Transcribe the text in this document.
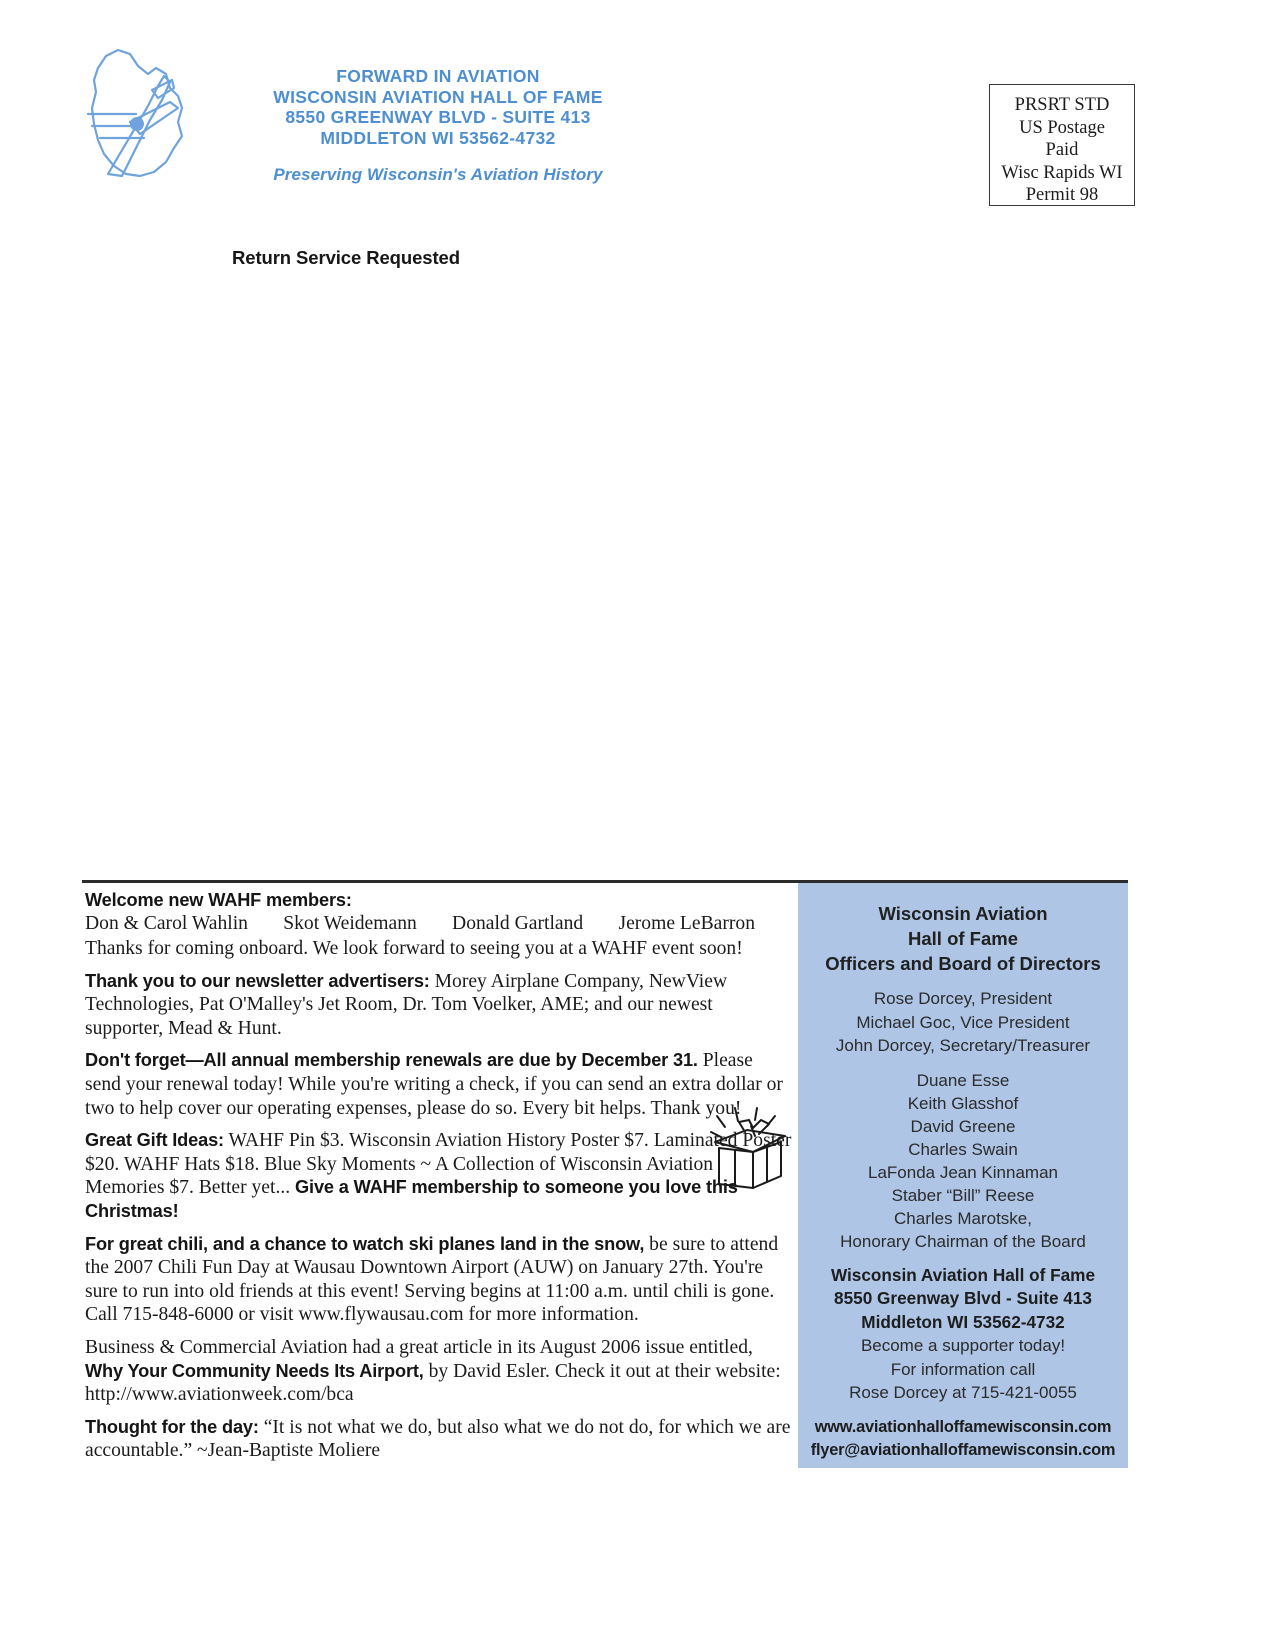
FORWARD IN AVIATION
WISCONSIN AVIATION HALL OF FAME
8550 GREENWAY BLVD - SUITE 413
MIDDLETON WI 53562-4732
Preserving Wisconsin's Aviation History
PRSRT STD
US Postage
Paid
Wisc Rapids WI
Permit 98
Return Service Requested
Welcome new WAHF members:
Don & Carol Wahlin Skot Weidemann Donald Gartland Jerome LeBarron

Thanks for coming onboard. We look forward to seeing you at a WAHF event soon!

Thank you to our newsletter advertisers: Morey Airplane Company, NewView Technologies, Pat O'Malley's Jet Room, Dr. Tom Voelker, AME; and our newest supporter, Mead & Hunt.

Don't forget—All annual membership renewals are due by December 31. Please send your renewal today! While you're writing a check, if you can send an extra dollar or two to help cover our operating expenses, please do so. Every bit helps. Thank you!

Great Gift Ideas: WAHF Pin $3. Wisconsin Aviation History Poster $7. Laminated Poster $20. WAHF Hats $18. Blue Sky Moments ~ A Collection of Wisconsin Aviation Memories $7. Better yet... Give a WAHF membership to someone you love this Christmas!

For great chili, and a chance to watch ski planes land in the snow, be sure to attend the 2007 Chili Fun Day at Wausau Downtown Airport (AUW) on January 27th. You're sure to run into old friends at this event! Serving begins at 11:00 a.m. until chili is gone. Call 715-848-6000 or visit www.flywausau.com for more information.

Business & Commercial Aviation had a great article in its August 2006 issue entitled, Why Your Community Needs Its Airport, by David Esler. Check it out at their website: http://www.aviationweek.com/bca

Thought for the day: “It is not what we do, but also what we do not do, for which we are accountable.” ~Jean-Baptiste Moliere

Wisconsin Aviation
Hall of Fame
Officers and Board of Directors
Rose Dorcey, President
Michael Goc, Vice President
John Dorcey, Secretary/Treasurer
Duane Esse
Keith Glasshof
David Greene
Charles Swain
LaFonda Jean Kinnaman
Staber “Bill” Reese
Charles Marotske,
Honorary Chairman of the Board
Wisconsin Aviation Hall of Fame
8550 Greenway Blvd - Suite 413
Middleton WI 53562-4732
Become a supporter today!
For information call
Rose Dorcey at 715-421-0055
www.aviationhalloffamewisconsin.com
flyer@aviationhalloffamewisconsin.com
